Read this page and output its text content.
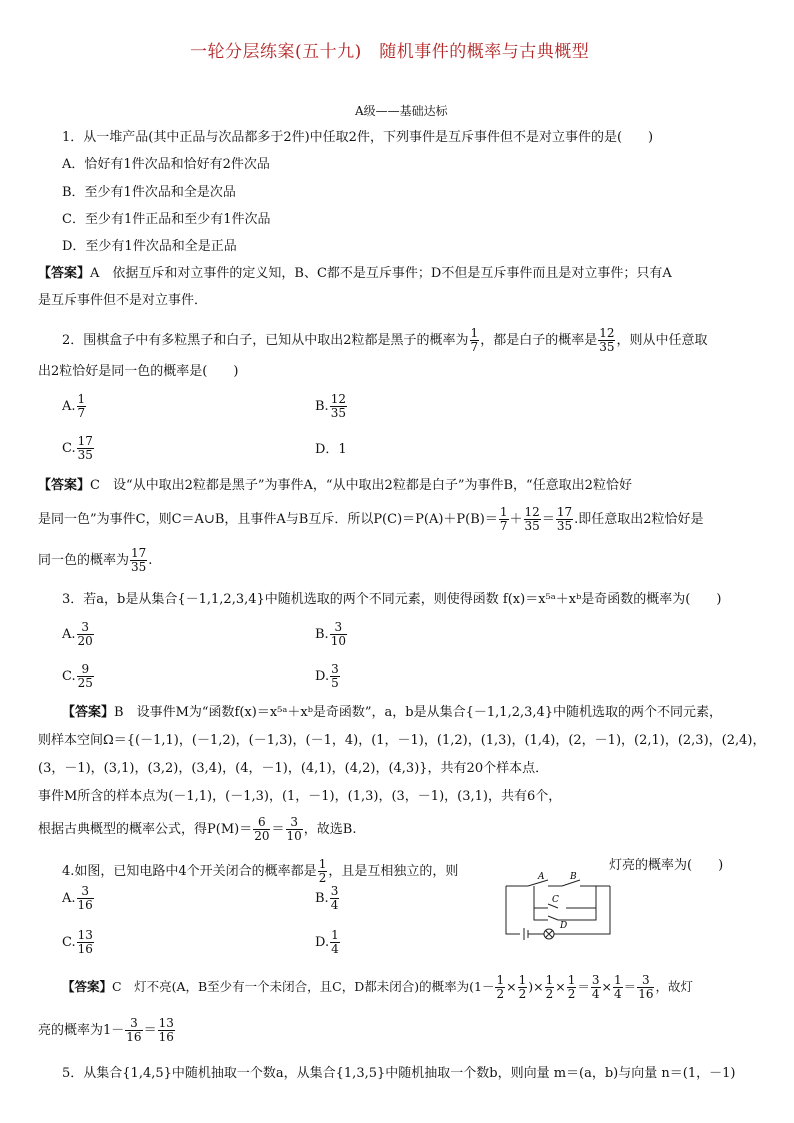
一轮分层练案(五十九)　随机事件的概率与古典概型
A级——基础达标
1．从一堆产品(其中正品与次品都多于2件)中任取2件，下列事件是互斥事件但不是对立事件的是(　　)
A．恰好有1件次品和恰好有2件次品
B．至少有1件次品和全是次品
C．至少有1件正品和至少有1件次品
D．至少有1件次品和全是正品
【答案】A　依据互斥和对立事件的定义知，B、C都不是互斥事件；D不但是互斥事件而且是对立事件；只有A
是互斥事件但不是对立事件．
2．围棋盒子中有多粒黑子和白子，已知从中取出2粒都是黑子的概率为 $\frac{1}{7}$ ，都是白子的概率是 $\frac{12}{35}$ ，则从中任意取
出2粒恰好是同一色的概率是(　　)
A. $\frac{1}{7}$	B. $\frac{12}{35}$
C. $\frac{17}{35}$	D．1
【答案】C　设“从中取出2粒都是黑子”为事件A，“从中取出2粒都是白子”为事件B，“任意取出2粒恰好
是同一色”为事件C，则C＝A∪B，且事件A与B互斥．所以$P(C)=P(A)+P(B)= \frac{1}{7} + \frac{12}{35} = \frac{17}{35}$ .即任意取出2粒恰好是
同一色的概率为 $\frac{17}{35}$ .
3．若a，b是从集合{－1,1,2,3,4}中随机选取的两个不同元素，则使得函数 f(x)＝x⁵ᵃ＋xᵇ是奇函数的概率为(　　)
A. $\frac{3}{20}$	B. $\frac{3}{10}$
C. $\frac{9}{25}$	D. $\frac{3}{5}$
【答案】B　设事件M为“函数f(x)＝x⁵ᵃ＋xᵇ是奇函数”，a，b是从集合{－1,1,2,3,4}中随机选取的两个不同元素，
则样本空间Ω＝{(－1,1)，(－1,2)，(－1,3)，(－1，4)，(1，－1)，(1,2)，(1,3)，(1,4)，(2，－1)，(2,1)，(2,3)，(2,4)，
(3，－1)，(3,1)，(3,2)，(3,4)，(4，－1)，(4,1)，(4,2)，(4,3)}，共有20个样本点．
事件M所含的样本点为(－1,1)，(－1,3)，(1，－1)，(1,3)，(3，－1)，(3,1)，共有6个，
根据古典概型的概率公式，得$P(M)= \frac{6}{20} = \frac{3}{10}$ ，故选B.
4.如图，已知电路中4个开关闭合的概率都是 $\frac{1}{2}$ ，且是互相独立的，则	灯亮的概率为(　　)
A	B
C
D
A. $\frac{3}{16}$	B. $\frac{3}{4}$
C. $\frac{13}{16}$	D. $\frac{1}{4}$
【答案】C　灯不亮(A，B至少有一个未闭合，且C，D都未闭合)的概率为($1- \frac{1}{2} \times \frac{1}{2}$ )× $\frac{1}{2} \times \frac{1}{2} = \frac{3}{4} \times \frac{1}{4} = \frac{3}{16}$ ，故灯
亮的概率为$1- \frac{3}{16} = \frac{13}{16}$
5．从集合{1,4,5}中随机抽取一个数a，从集合{1,3,5}中随机抽取一个数b，则向量 m＝(a，b)与向量 n＝(1，－1)
